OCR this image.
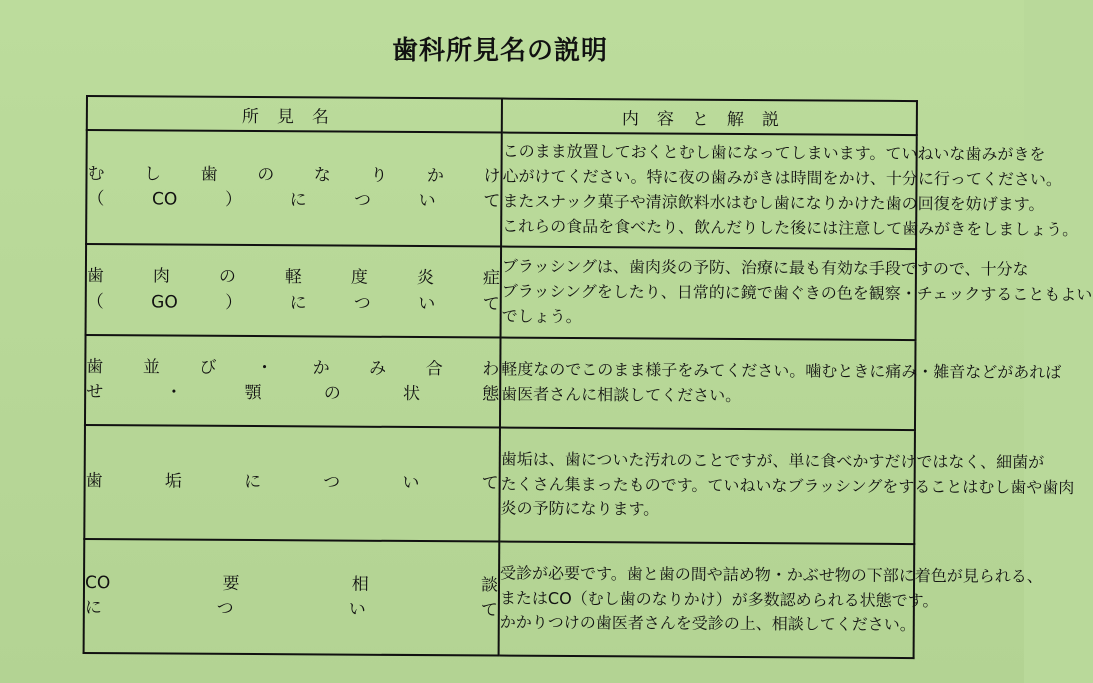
歯科所見名の説明
所見名	内容と解説

むし歯のなりかけ
（CO）について	このまま放置しておくとむし歯になってしまいます。ていねいな歯みがきを
心がけてください。特に夜の歯みがきは時間をかけ、十分に行ってください。
またスナック菓子や清涼飲料水はむし歯になりかけた歯の回復を妨げます。
これらの食品を食べたり、飲んだりした後には注意して歯みがきをしましょう。

歯肉の軽度炎症
（GO）について	ブラッシングは、歯肉炎の予防、治療に最も有効な手段ですので、十分な
ブラッシングをしたり、日常的に鏡で歯ぐきの色を観察・チェックすることもよい
でしょう。

歯並び・かみ合わ
せ・顎の状態	軽度なのでこのまま様子をみてください。噛むときに痛み・雑音などがあれば
歯医者さんに相談してください。

歯垢について	歯垢は、歯についた汚れのことですが、単に食べかすだけではなく、細菌が
たくさん集まったものです。ていねいなブラッシングをすることはむし歯や歯肉
炎の予防になります。

CO要相談
について	受診が必要です。歯と歯の間や詰め物・かぶせ物の下部に着色が見られる、
またはCO（むし歯のなりかけ）が多数認められる状態です。
かかりつけの歯医者さんを受診の上、相談してください。
